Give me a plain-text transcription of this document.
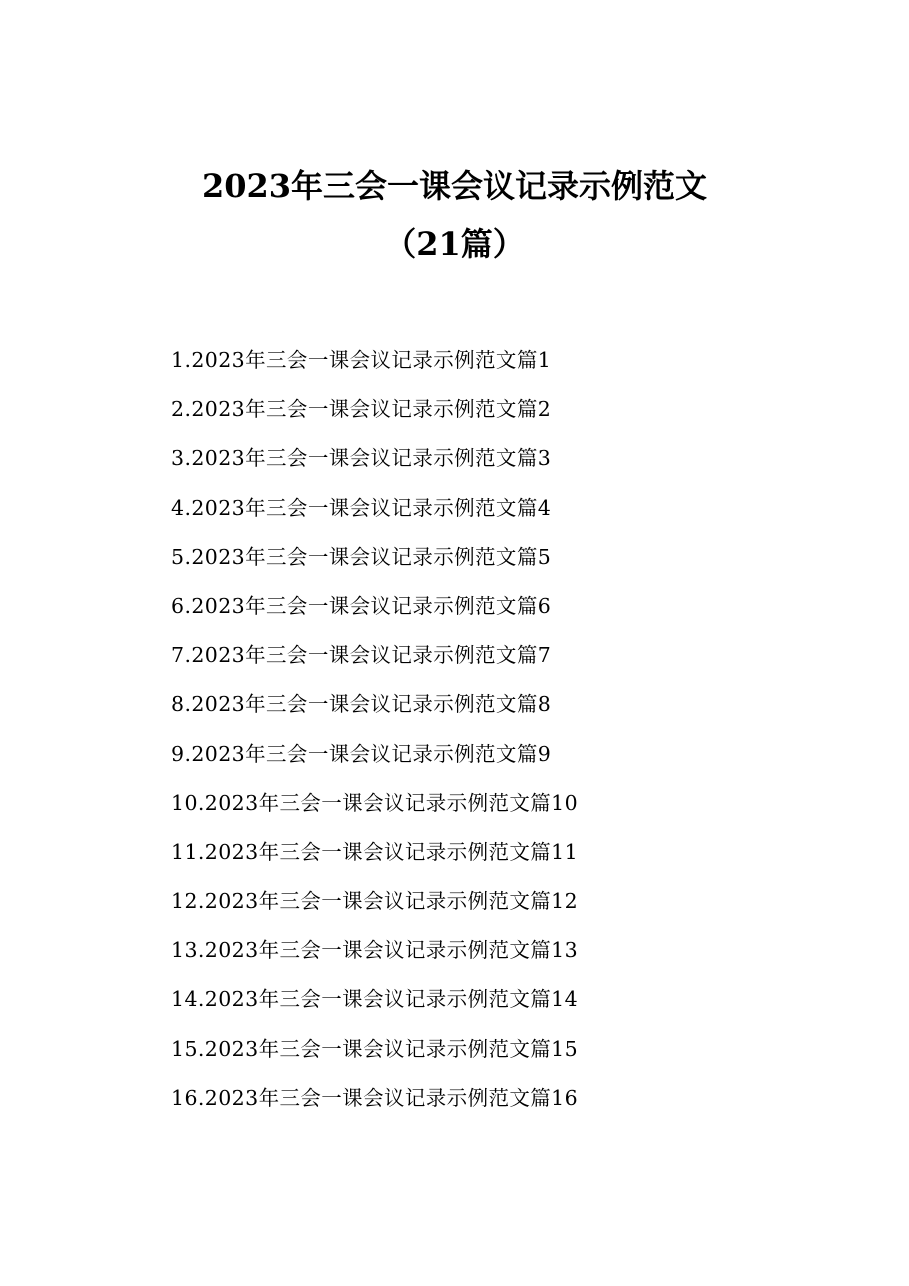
2023年三会一课会议记录示例范文
（21篇）
1.2023年三会一课会议记录示例范文篇1
2.2023年三会一课会议记录示例范文篇2
3.2023年三会一课会议记录示例范文篇3
4.2023年三会一课会议记录示例范文篇4
5.2023年三会一课会议记录示例范文篇5
6.2023年三会一课会议记录示例范文篇6
7.2023年三会一课会议记录示例范文篇7
8.2023年三会一课会议记录示例范文篇8
9.2023年三会一课会议记录示例范文篇9
10.2023年三会一课会议记录示例范文篇10
11.2023年三会一课会议记录示例范文篇11
12.2023年三会一课会议记录示例范文篇12
13.2023年三会一课会议记录示例范文篇13
14.2023年三会一课会议记录示例范文篇14
15.2023年三会一课会议记录示例范文篇15
16.2023年三会一课会议记录示例范文篇16
